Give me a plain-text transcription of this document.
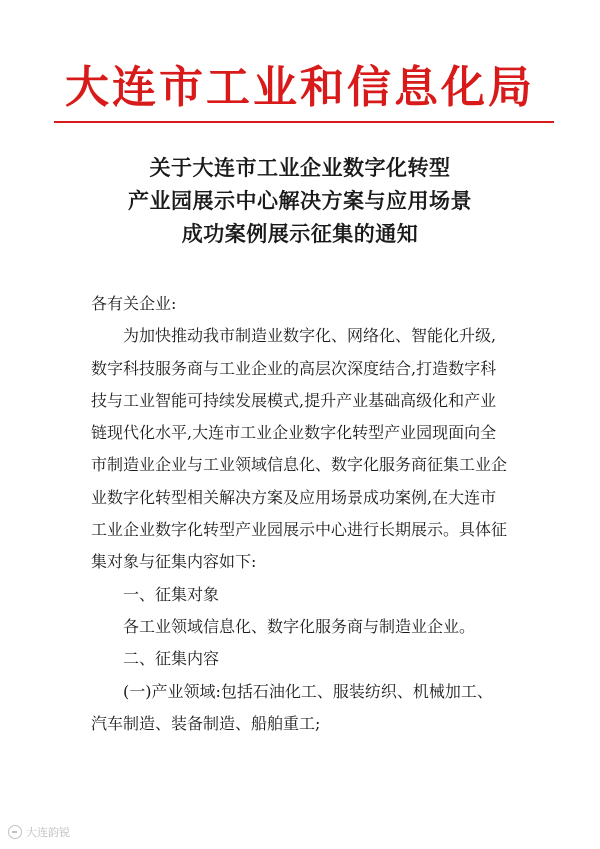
大连市工业和信息化局
关于大连市工业企业数字化转型
产业园展示中心解决方案与应用场景
成功案例展示征集的通知
各有关企业:
为加快推动我市制造业数字化、网络化、智能化升级,
数字科技服务商与工业企业的高层次深度结合,打造数字科
技与工业智能可持续发展模式,提升产业基础高级化和产业
链现代化水平,大连市工业企业数字化转型产业园现面向全
市制造业企业与工业领域信息化、数字化服务商征集工业企
业数字化转型相关解决方案及应用场景成功案例,在大连市
工业企业数字化转型产业园展示中心进行长期展示。具体征
集对象与征集内容如下:
一、征集对象
各工业领域信息化、数字化服务商与制造业企业。
二、征集内容
(一)产业领域:包括石油化工、服装纺织、机械加工、
汽车制造、装备制造、船舶重工;
大连韵锐
